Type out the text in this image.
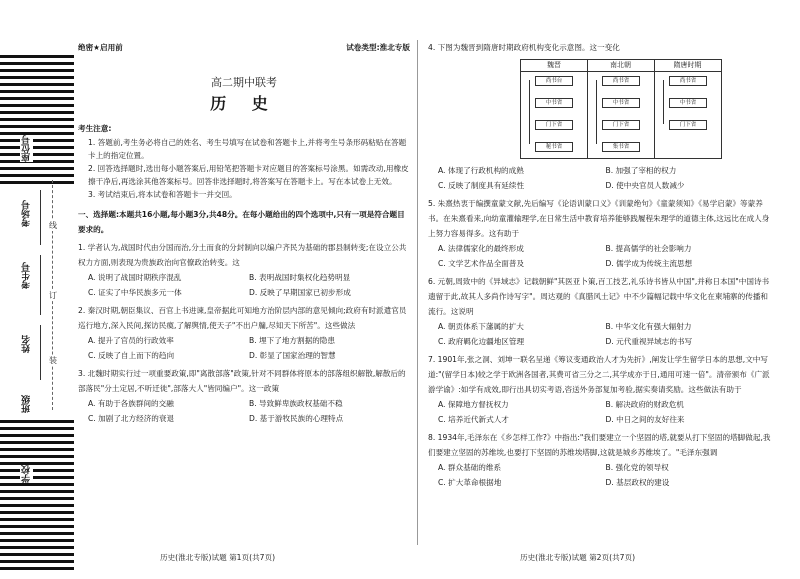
座位号
考场号
考生号
姓名
班级
学校
线
订
装
绝密★启用前	试卷类型:淮北专版
高二期中联考
历 史
考生注意:
1. 答题前,考生务必将自己的姓名、考生号填写在试卷和答题卡上,并将考生号条形码粘贴在答题卡上的指定位置。
2. 回答选择题时,选出每小题答案后,用铅笔把答题卡对应题目的答案标号涂黑。如需改动,用橡皮擦干净后,再选涂其他答案标号。回答非选择题时,将答案写在答题卡上。写在本试卷上无效。
3. 考试结束后,将本试卷和答题卡一并交回。
一、选择题:本题共16小题,每小题3分,共48分。在每小题给出的四个选项中,只有一项是符合题目要求的。
1. 学者认为,战国时代由分国而治,分土而食的分封制向以编户齐民为基础的郡县制转变;在设立公共权力方面,则表现为贵族政治向官僚政治转变。这
A. 说明了战国时期秩序混乱	B. 表明战国时集权化趋势明显
C. 证实了中华民族多元一体	D. 反映了早期国家已初步形成
2. 秦汉时期,朝臣集议、百官上书进谏,皇帝据此可知地方治阶层内部的意见倾向;政府有时派遣官员巡行地方,深入民间,探访民瘼,了解舆情,使天子"不出户牖,尽知天下所苦"。这些做法
A. 提升了官员的行政效率	B. 埋下了地方割据的隐患
C. 反映了自上而下的趋向	D. 彰显了国家治理的智慧
3. 北魏时期实行过一项重要政策,即"离散部落"政策,针对不同群体将原本的部落组织解散,解散后的部落民"分土定居,不听迁徙",部落大人"皆同编户"。这一政策
A. 有助于各族群间的交融	B. 导致鲜卑族政权基础不稳
C. 加剧了北方经济的衰退	D. 基于游牧民族的心理特点
4. 下图为魏晋到隋唐时期政府机构变化示意图。这一变化
魏晋	南北朝	隋唐时期
尚书台
中书省
门下省
秘书省
尚书省
中书省
门下省
集书省
尚书省
中书省
门下省
A. 体现了行政机构的成熟	B. 加强了宰相的权力
C. 反映了制度具有延续性	D. 使中央官员人数减少
5. 朱熹热衷于编撰童蒙文献,先后编写《论语训蒙口义》《训蒙绝句》《童蒙须知》《易学启蒙》等蒙养书。在朱熹看来,向幼童灌输理学,在日常生活中教育培养能够践履程朱理学的道德主体,这远比在成人身上努力容易得多。这有助于
A. 法律儒家化的最终形成	B. 提高儒学的社会影响力
C. 文学艺术作品全面普及	D. 儒学成为传统主流思想
6. 元朝,周致中的《异域志》记载朝鲜"其医亚卜策,百工技艺,礼乐诗书皆从中国",并称日本国"中国诗书遗留于此,故其人多尚作诗写字"。周达观的《真腊风土记》中不少篇幅记载中华文化在柬埔寨的传播和流行。这说明
A. 朝贡体系下藩属的扩大	B. 中华文化有强大辐射力
C. 政府羁化边疆地区管理	D. 元代重视异域志的书写
7. 1901年,张之洞、刘坤一联名呈递《筹议变通政治人才为先折》,阐发让学生留学日本的思想,文中写道:"(留学日本)较之学于欧洲各国者,其费可省三分之二,其学成亦于日,通用可速一倍"。清帝颁布《广派游学谕》:如学有成效,即行出具切实考语,咨送外务部复加考验,据实奏请奖励。这些做法有助于
A. 保障地方督抚权力	B. 解决政府的财政危机
C. 培养近代新式人才	D. 中日之间的友好往来
8. 1934年,毛泽东在《乡怎样工作?》中指出:"我们要建立一个坚固的塔,就要从打下坚固的塔脚做起,我们要建立坚固的苏维埃,也要打下坚固的苏维埃塔脚,这就是城乡苏维埃了。"毛泽东强调
A. 群众基础的维系	B. 强化党的领导权
C. 扩大革命根据地	D. 基层政权的建设
历史(淮北专版)试题 第1页(共7页)	历史(淮北专版)试题 第2页(共7页)
